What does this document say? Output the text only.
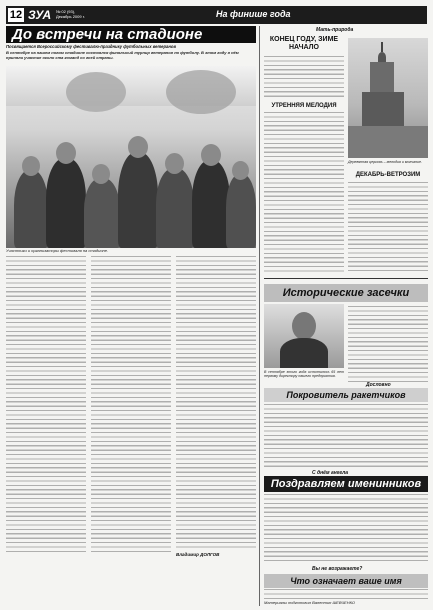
12 ЗУА № 02 (93), Декабрь 2009 г.	На финише года
До встречи на стадионе
Посвящается Всероссийскому фестивалю-празднику футбольных ветеранов
В сентябре на нашем новом стадионе состоялся финальный турнир ветеранов по футболу. В этом году в нём приняли участие около ста команд со всей страны.
Участники и организаторы фестиваля на стадионе.
Владимир ДОЛГОВ
Мать-природа
КОНЕЦ ГОДУ, ЗИМЕ НАЧАЛО
УТРЕННЯЯ МЕЛОДИЯ
Деревянная церковь – мелодия и молчание.
ДЕКАБРЬ-ВЕТРОЗИМ
Исторические засечки
В сентябре этого года исполнилось 65 лет первому директору нашего предприятия.
Дословно
Покровитель ракетчиков
С днём ангела
Поздравляем именинников
Вы не возражаете?
Что означает ваше имя
Материалы подготовил Валентин ШЕВЧЕНКО
